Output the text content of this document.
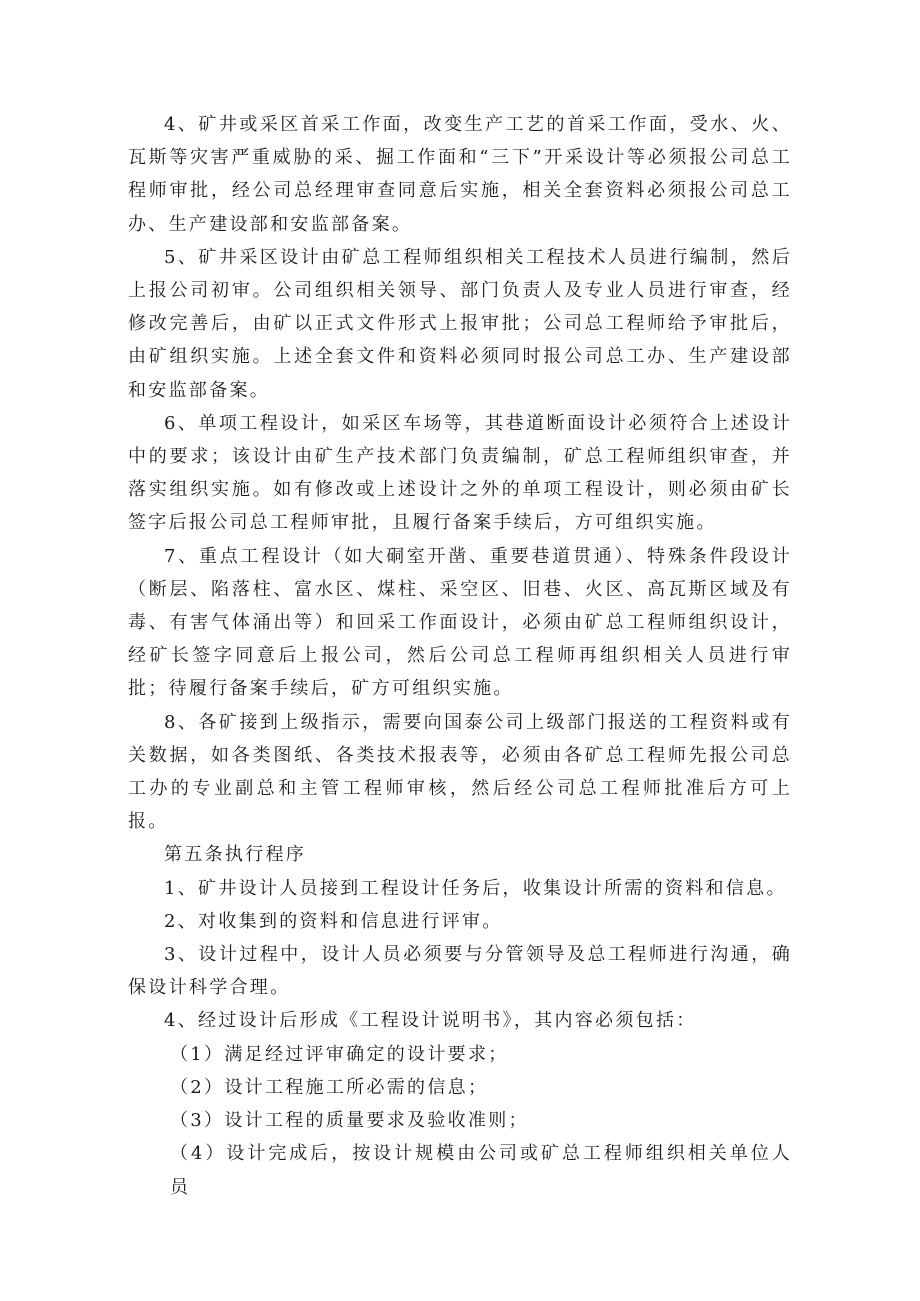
4、矿井或采区首采工作面，改变生产工艺的首采工作面，受水、火、瓦斯等灾害严重威胁的采、掘工作面和“三下”开采设计等必须报公司总工程师审批，经公司总经理审查同意后实施，相关全套资料必须报公司总工办、生产建设部和安监部备案。

5、矿井采区设计由矿总工程师组织相关工程技术人员进行编制，然后上报公司初审。公司组织相关领导、部门负责人及专业人员进行审查，经修改完善后，由矿以正式文件形式上报审批；公司总工程师给予审批后，由矿组织实施。上述全套文件和资料必须同时报公司总工办、生产建设部和安监部备案。

6、单项工程设计，如采区车场等，其巷道断面设计必须符合上述设计中的要求；该设计由矿生产技术部门负责编制，矿总工程师组织审查，并落实组织实施。如有修改或上述设计之外的单项工程设计，则必须由矿长签字后报公司总工程师审批，且履行备案手续后，方可组织实施。

7、重点工程设计（如大硐室开凿、重要巷道贯通）、特殊条件段设计（断层、陷落柱、富水区、煤柱、采空区、旧巷、火区、高瓦斯区域及有毒、有害气体涌出等）和回采工作面设计，必须由矿总工程师组织设计，经矿长签字同意后上报公司，然后公司总工程师再组织相关人员进行审批；待履行备案手续后，矿方可组织实施。

8、各矿接到上级指示，需要向国泰公司上级部门报送的工程资料或有关数据，如各类图纸、各类技术报表等，必须由各矿总工程师先报公司总工办的专业副总和主管工程师审核，然后经公司总工程师批准后方可上报。

第五条执行程序

1、矿井设计人员接到工程设计任务后，收集设计所需的资料和信息。

2、对收集到的资料和信息进行评审。

3、设计过程中，设计人员必须要与分管领导及总工程师进行沟通，确保设计科学合理。

4、经过设计后形成《工程设计说明书》，其内容必须包括：

（1）满足经过评审确定的设计要求；

（2）设计工程施工所必需的信息；

（3）设计工程的质量要求及验收准则；

（4）设计完成后，按设计规模由公司或矿总工程师组织相关单位人员
